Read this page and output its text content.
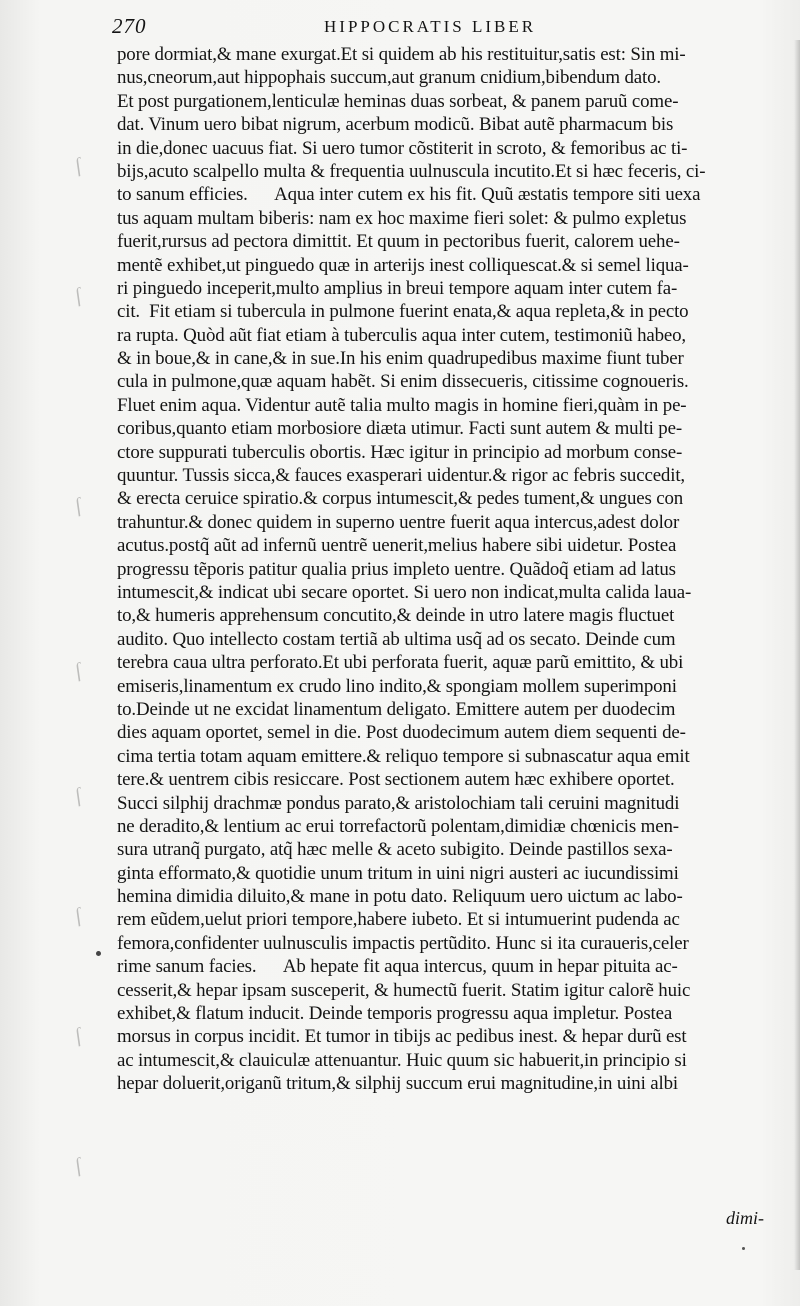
270	HIPPOCRATIS LIBER
pore dormiat,& mane exurgat.Et si quidem ab his restituitur,satis est: Sin mi-
nus,cneorum,aut hippophais succum,aut granum cnidium,bibendum dato.
Et post purgationem,lenticulæ heminas duas sorbeat, & panem paruũ come-
dat. Vinum uero bibat nigrum, acerbum modicũ. Bibat autẽ pharmacum bis
in die,donec uacuus fiat. Si uero tumor cõstiterit in scroto, & femoribus ac ti-
bijs,acuto scalpello multa & frequentia uulnuscula incutito.Et si hæc feceris, ci-
to sanum efficies.      Aqua inter cutem ex his fit. Quũ æstatis tempore siti uexa
tus aquam multam biberis: nam ex hoc maxime fieri solet: & pulmo expletus
fuerit,rursus ad pectora dimittit. Et quum in pectoribus fuerit, calorem uehe-
mentẽ exhibet,ut pinguedo quæ in arterijs inest colliquescat.& si semel liqua-
ri pinguedo inceperit,multo amplius in breui tempore aquam inter cutem fa-
cit.  Fit etiam si tubercula in pulmone fuerint enata,& aqua repleta,& in pecto
ra rupta. Quòd aũt fiat etiam à tuberculis aqua inter cutem, testimoniũ habeo,
& in boue,& in cane,& in sue.In his enim quadrupedibus maxime fiunt tuber
cula in pulmone,quæ aquam habẽt. Si enim dissecueris, citissime cognoueris.
Fluet enim aqua. Videntur autẽ talia multo magis in homine fieri,quàm in pe-
coribus,quanto etiam morbosiore diæta utimur. Facti sunt autem & multi pe-
ctore suppurati tuberculis obortis. Hæc igitur in principio ad morbum conse-
quuntur. Tussis sicca,& fauces exasperari uidentur.& rigor ac febris succedit,
& erecta ceruice spiratio.& corpus intumescit,& pedes tument,& ungues con
trahuntur.& donec quidem in superno uentre fuerit aqua intercus,adest dolor
acutus.postq̃ aũt ad infernũ uentrẽ uenerit,melius habere sibi uidetur. Postea
progressu tẽporis patitur qualia prius impleto uentre. Quãdoq̃ etiam ad latus
intumescit,& indicat ubi secare oportet. Si uero non indicat,multa calida laua-
to,& humeris apprehensum concutito,& deinde in utro latere magis fluctuet
audito. Quo intellecto costam tertiã ab ultima usq̃ ad os secato. Deinde cum
terebra caua ultra perforato.Et ubi perforata fuerit, aquæ parũ emittito, & ubi
emiseris,linamentum ex crudo lino indito,& spongiam mollem superimponi
to.Deinde ut ne excidat linamentum deligato. Emittere autem per duodecim
dies aquam oportet, semel in die. Post duodecimum autem diem sequenti de-
cima tertia totam aquam emittere.& reliquo tempore si subnascatur aqua emit
tere.& uentrem cibis resiccare. Post sectionem autem hæc exhibere oportet.
Succi silphij drachmæ pondus parato,& aristolochiam tali ceruini magnitudi
ne deradito,& lentium ac erui torrefactorũ polentam,dimidiæ chœnicis men-
sura utranq̃ purgato, atq̃ hæc melle & aceto subigito. Deinde pastillos sexa-
ginta efformato,& quotidie unum tritum in uini nigri austeri ac iucundissimi
hemina dimidia diluito,& mane in potu dato. Reliquum uero uictum ac labo-
rem eũdem,uelut priori tempore,habere iubeto. Et si intumuerint pudenda ac
femora,confidenter uulnusculis impactis pertũdito. Hunc si ita curaueris,celer
rime sanum facies.      Ab hepate fit aqua intercus, quum in hepar pituita ac-
cesserit,& hepar ipsam susceperit, & humectũ fuerit. Statim igitur calorẽ huic
exhibet,& flatum inducit. Deinde temporis progressu aqua impletur. Postea
morsus in corpus incidit. Et tumor in tibijs ac pedibus inest. & hepar durũ est
ac intumescit,& clauiculæ attenuantur. Huic quum sic habuerit,in principio si
hepar doluerit,origanũ tritum,& silphij succum erui magnitudine,in uini albi
ſ
ſ
ſ
ſ
ſ
ſ
ſ
ſ
dimi-
